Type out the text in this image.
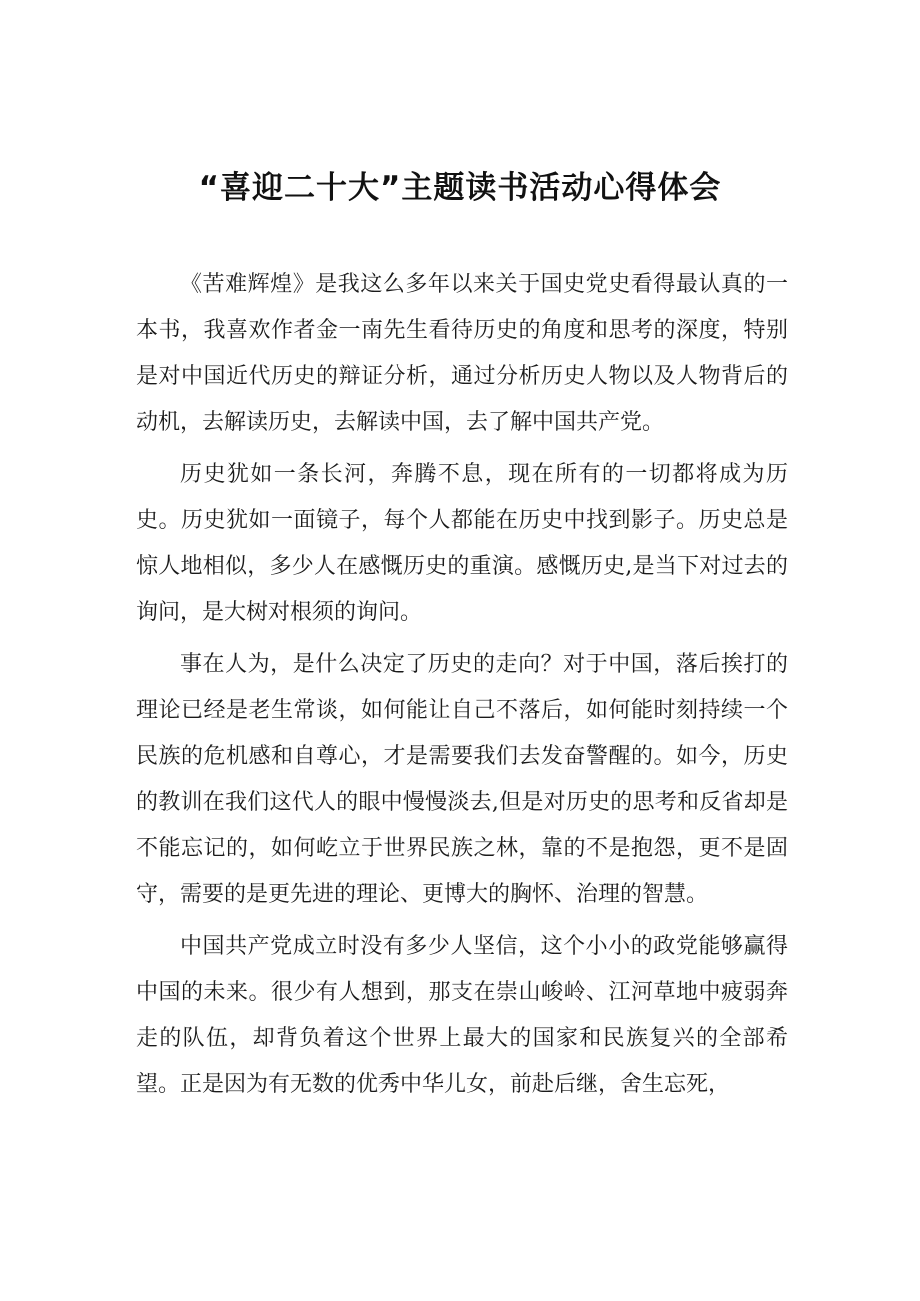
“喜迎二十大”主题读书活动心得体会

《苦难辉煌》是我这么多年以来关于国史党史看得最认真的一本书，我喜欢作者金一南先生看待历史的角度和思考的深度，特别是对中国近代历史的辩证分析，通过分析历史人物以及人物背后的动机，去解读历史，去解读中国，去了解中国共产党。

历史犹如一条长河，奔腾不息，现在所有的一切都将成为历史。历史犹如一面镜子，每个人都能在历史中找到影子。历史总是惊人地相似，多少人在感慨历史的重演。感慨历史,是当下对过去的询问，是大树对根须的询问。

事在人为，是什么决定了历史的走向？对于中国，落后挨打的理论已经是老生常谈，如何能让自己不落后，如何能时刻持续一个民族的危机感和自尊心，才是需要我们去发奋警醒的。如今，历史的教训在我们这代人的眼中慢慢淡去,但是对历史的思考和反省却是不能忘记的，如何屹立于世界民族之林，靠的不是抱怨，更不是固守，需要的是更先进的理论、更博大的胸怀、治理的智慧。

中国共产党成立时没有多少人坚信，这个小小的政党能够赢得中国的未来。很少有人想到，那支在崇山峻岭、江河草地中疲弱奔走的队伍，却背负着这个世界上最大的国家和民族复兴的全部希望。正是因为有无数的优秀中华儿女，前赴后继，舍生忘死，
